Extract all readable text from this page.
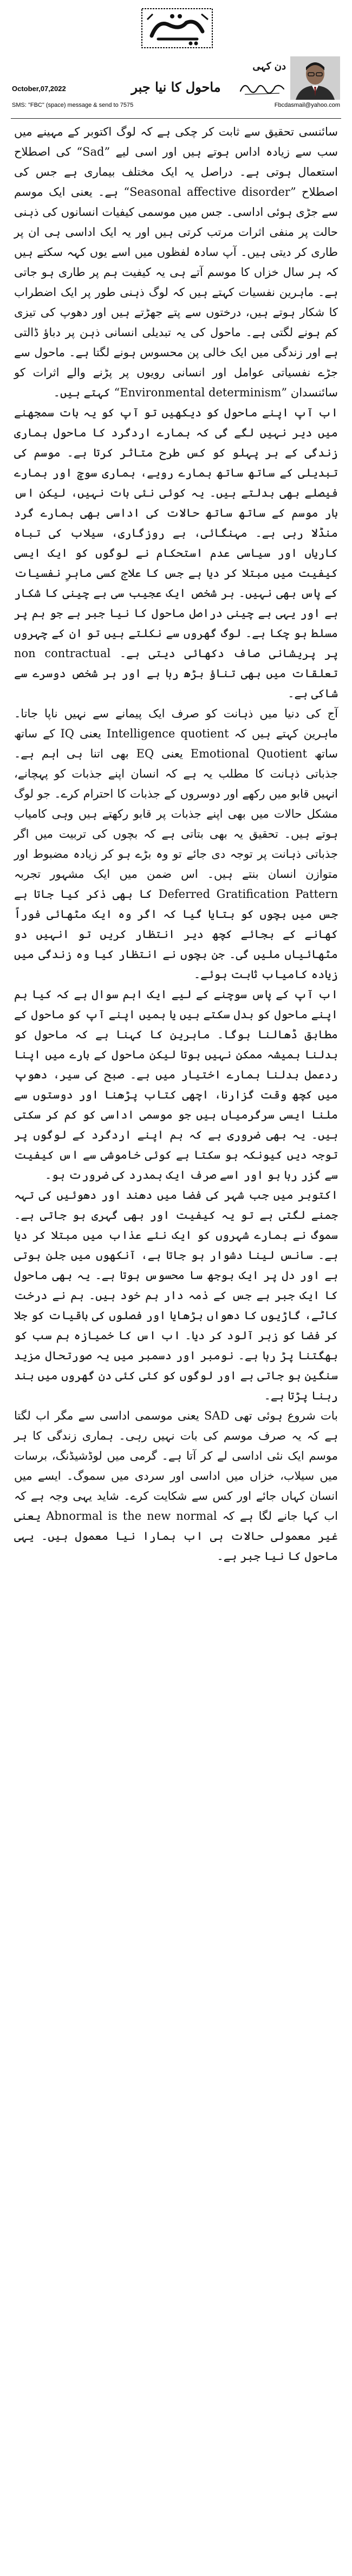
دن کہی
ماحول کا نیا جبر
October,07,2022
SMS: "FBC" (space) message & send to 7575	Fbcdasmail@yahoo.com

سائنسی تحقیق سے ثابت کر چکی ہے کہ لوگ اکتوبر کے مہینے میں سب سے زیادہ اداس ہوتے ہیں اور اسی لیے ”Sad“ کی اصطلاح استعمال ہوتی ہے۔ دراصل یہ ایک مختلف بیماری ہے جس کی اصطلاح ”Seasonal affective disorder“ ہے۔ یعنی ایک موسم سے جڑی ہوئی اداسی۔ جس میں موسمی کیفیات انسانوں کی ذہنی حالت پر منفی اثرات مرتب کرتی ہیں اور یہ ایک اداسی ہی ان پر طاری کر دیتی ہیں۔ آپ سادہ لفظوں میں اسے یوں کہہ سکتے ہیں کہ ہر سال خزاں کا موسم آتے ہی یہ کیفیت ہم پر طاری ہو جاتی ہے۔ ماہرین نفسیات کہتے ہیں کہ لوگ ذہنی طور پر ایک اضطراب کا شکار ہوتے ہیں، درختوں سے پتے جھڑتے ہیں اور دھوپ کی تیزی کم ہونے لگتی ہے۔ ماحول کی یہ تبدیلی انسانی ذہن پر دباؤ ڈالتی ہے اور زندگی میں ایک خالی پن محسوس ہونے لگتا ہے۔ ماحول سے جڑے نفسیاتی عوامل اور انسانی رویوں پر پڑنے والے اثرات کو سائنسدان ”Environmental determinism“ کہتے ہیں۔

اب آپ اپنے ماحول کو دیکھیں تو آپ کو یہ بات سمجھنے میں دیر نہیں لگے گی کہ ہمارے اردگرد کا ماحول ہماری زندگی کے ہر پہلو کو کس طرح متاثر کرتا ہے۔ موسم کی تبدیلی کے ساتھ ساتھ ہمارے رویے، ہماری سوچ اور ہمارے فیصلے بھی بدلتے ہیں۔ یہ کوئی نئی بات نہیں، لیکن اس بار موسم کے ساتھ ساتھ حالات کی اداسی بھی ہمارے گرد منڈلا رہی ہے۔ مہنگائی، بے روزگاری، سیلاب کی تباہ کاریاں اور سیاسی عدم استحکام نے لوگوں کو ایک ایسی کیفیت میں مبتلا کر دیا ہے جس کا علاج کسی ماہرِ نفسیات کے پاس بھی نہیں۔ ہر شخص ایک عجیب سی بے چینی کا شکار ہے اور یہی بے چینی دراصل ماحول کا نیا جبر ہے جو ہم پر مسلط ہو چکا ہے۔ لوگ گھروں سے نکلتے ہیں تو ان کے چہروں پر پریشانی صاف دکھائی دیتی ہے۔ non contractual تعلقات میں بھی تناؤ بڑھ رہا ہے اور ہر شخص دوسرے سے شاکی ہے۔

آج کی دنیا میں ذہانت کو صرف ایک پیمانے سے نہیں ناپا جاتا۔ ماہرین کہتے ہیں کہ Intelligence quotient یعنی IQ کے ساتھ ساتھ Emotional Quotient یعنی EQ بھی اتنا ہی اہم ہے۔ جذباتی ذہانت کا مطلب یہ ہے کہ انسان اپنے جذبات کو پہچانے، انہیں قابو میں رکھے اور دوسروں کے جذبات کا احترام کرے۔ جو لوگ مشکل حالات میں بھی اپنے جذبات پر قابو رکھتے ہیں وہی کامیاب ہوتے ہیں۔ تحقیق یہ بھی بتاتی ہے کہ بچوں کی تربیت میں اگر جذباتی ذہانت پر توجہ دی جائے تو وہ بڑے ہو کر زیادہ مضبوط اور متوازن انسان بنتے ہیں۔ اس ضمن میں ایک مشہور تجربہ Deferred Gratification Pattern کا بھی ذکر کیا جاتا ہے جس میں بچوں کو بتایا گیا کہ اگر وہ ایک مٹھائی فوراً کھانے کے بجائے کچھ دیر انتظار کریں تو انہیں دو مٹھائیاں ملیں گی۔ جن بچوں نے انتظار کیا وہ زندگی میں زیادہ کامیاب ثابت ہوئے۔

اب آپ کے پاس سوچنے کے لیے ایک اہم سوال ہے کہ کیا ہم اپنے ماحول کو بدل سکتے ہیں یا ہمیں اپنے آپ کو ماحول کے مطابق ڈھالنا ہوگا۔ ماہرین کا کہنا ہے کہ ماحول کو بدلنا ہمیشہ ممکن نہیں ہوتا لیکن ماحول کے بارے میں اپنا ردعمل بدلنا ہمارے اختیار میں ہے۔ صبح کی سیر، دھوپ میں کچھ وقت گزارنا، اچھی کتاب پڑھنا اور دوستوں سے ملنا ایسی سرگرمیاں ہیں جو موسمی اداسی کو کم کر سکتی ہیں۔ یہ بھی ضروری ہے کہ ہم اپنے اردگرد کے لوگوں پر توجہ دیں کیونکہ ہو سکتا ہے کوئی خاموشی سے اس کیفیت سے گزر رہا ہو اور اسے صرف ایک ہمدرد کی ضرورت ہو۔

اکتوبر میں جب شہر کی فضا میں دھند اور دھوئیں کی تہہ جمنے لگتی ہے تو یہ کیفیت اور بھی گہری ہو جاتی ہے۔ سموگ نے ہمارے شہروں کو ایک نئے عذاب میں مبتلا کر دیا ہے۔ سانس لینا دشوار ہو جاتا ہے، آنکھوں میں جلن ہوتی ہے اور دل پر ایک بوجھ سا محسوس ہوتا ہے۔ یہ بھی ماحول کا ایک جبر ہے جس کے ذمہ دار ہم خود ہیں۔ ہم نے درخت کاٹے، گاڑیوں کا دھواں بڑھایا اور فصلوں کی باقیات کو جلا کر فضا کو زہر آلود کر دیا۔ اب اس کا خمیازہ ہم سب کو بھگتنا پڑ رہا ہے۔ نومبر اور دسمبر میں یہ صورتحال مزید سنگین ہو جاتی ہے اور لوگوں کو کئی کئی دن گھروں میں بند رہنا پڑتا ہے۔

بات شروع ہوئی تھی SAD یعنی موسمی اداسی سے مگر اب لگتا ہے کہ یہ صرف موسم کی بات نہیں رہی۔ ہماری زندگی کا ہر موسم ایک نئی اداسی لے کر آتا ہے۔ گرمی میں لوڈشیڈنگ، برسات میں سیلاب، خزاں میں اداسی اور سردی میں سموگ۔ ایسے میں انسان کہاں جائے اور کس سے شکایت کرے۔ شاید یہی وجہ ہے کہ اب کہا جانے لگا ہے کہ Abnormal is the new normal یعنی غیر معمولی حالات ہی اب ہمارا نیا معمول ہیں۔ یہی ماحول کا نیا جبر ہے۔
